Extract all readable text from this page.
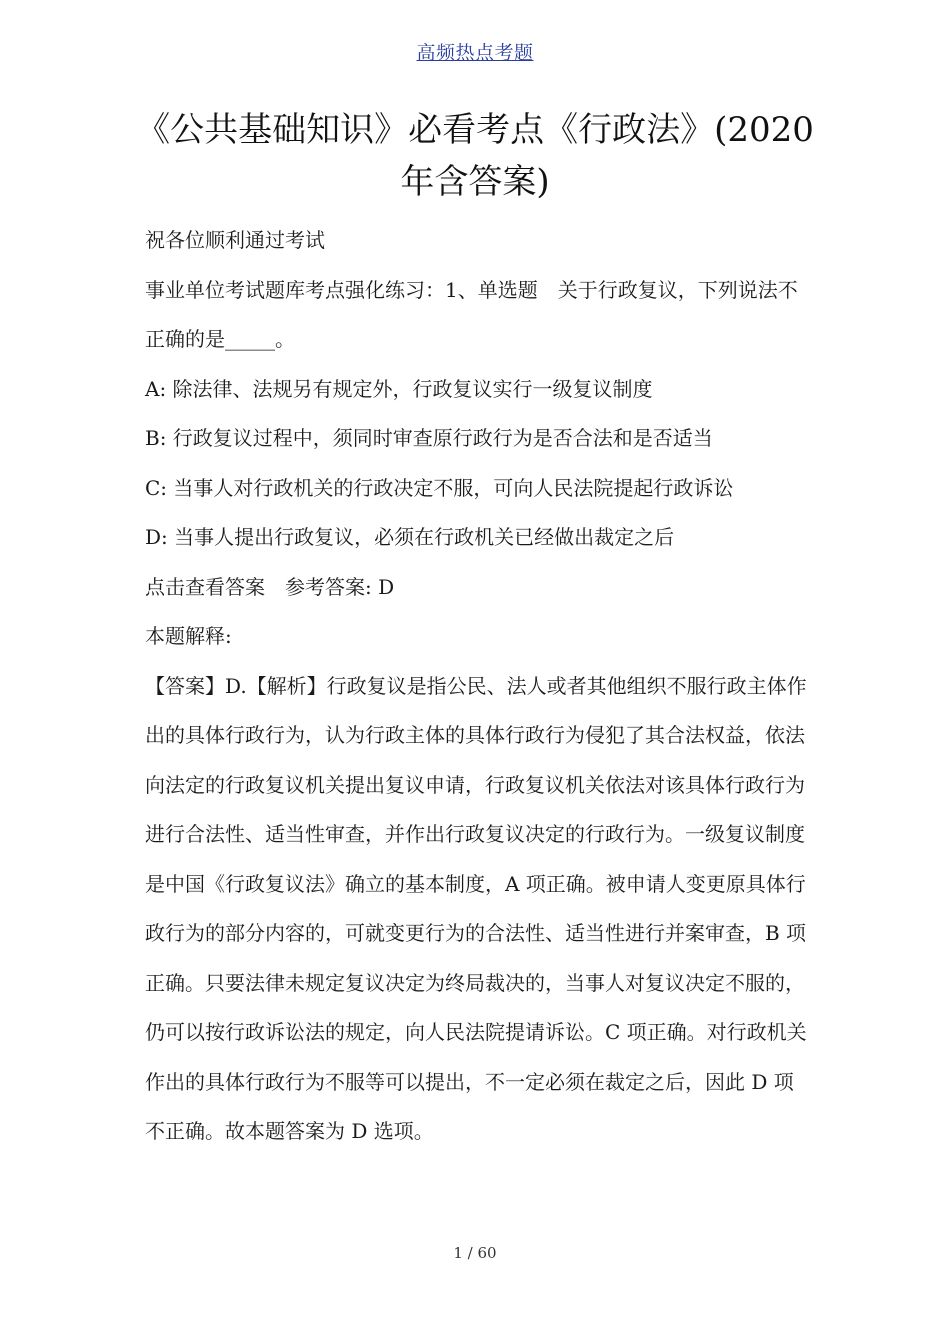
高频热点考题
《公共基础知识》必看考点《行政法》(2020年含答案)

祝各位顺利通过考试

事业单位考试题库考点强化练习：1、单选题　关于行政复议，下列说法不正确的是_____。

A: 除法律、法规另有规定外，行政复议实行一级复议制度

B: 行政复议过程中，须同时审查原行政行为是否合法和是否适当

C: 当事人对行政机关的行政决定不服，可向人民法院提起行政诉讼

D: 当事人提出行政复议，必须在行政机关已经做出裁定之后

点击查看答案　参考答案: D

本题解释:

【答案】D.【解析】行政复议是指公民、法人或者其他组织不服行政主体作出的具体行政行为，认为行政主体的具体行政行为侵犯了其合法权益，依法向法定的行政复议机关提出复议申请，行政复议机关依法对该具体行政行为进行合法性、适当性审查，并作出行政复议决定的行政行为。一级复议制度是中国《行政复议法》确立的基本制度，A 项正确。被申请人变更原具体行政行为的部分内容的，可就变更行为的合法性、适当性进行并案审查，B 项正确。只要法律未规定复议决定为终局裁决的，当事人对复议决定不服的，仍可以按行政诉讼法的规定，向人民法院提请诉讼。C 项正确。对行政机关作出的具体行政行为不服等可以提出，不一定必须在裁定之后，因此 D 项不正确。故本题答案为 D 选项。

1 / 60
